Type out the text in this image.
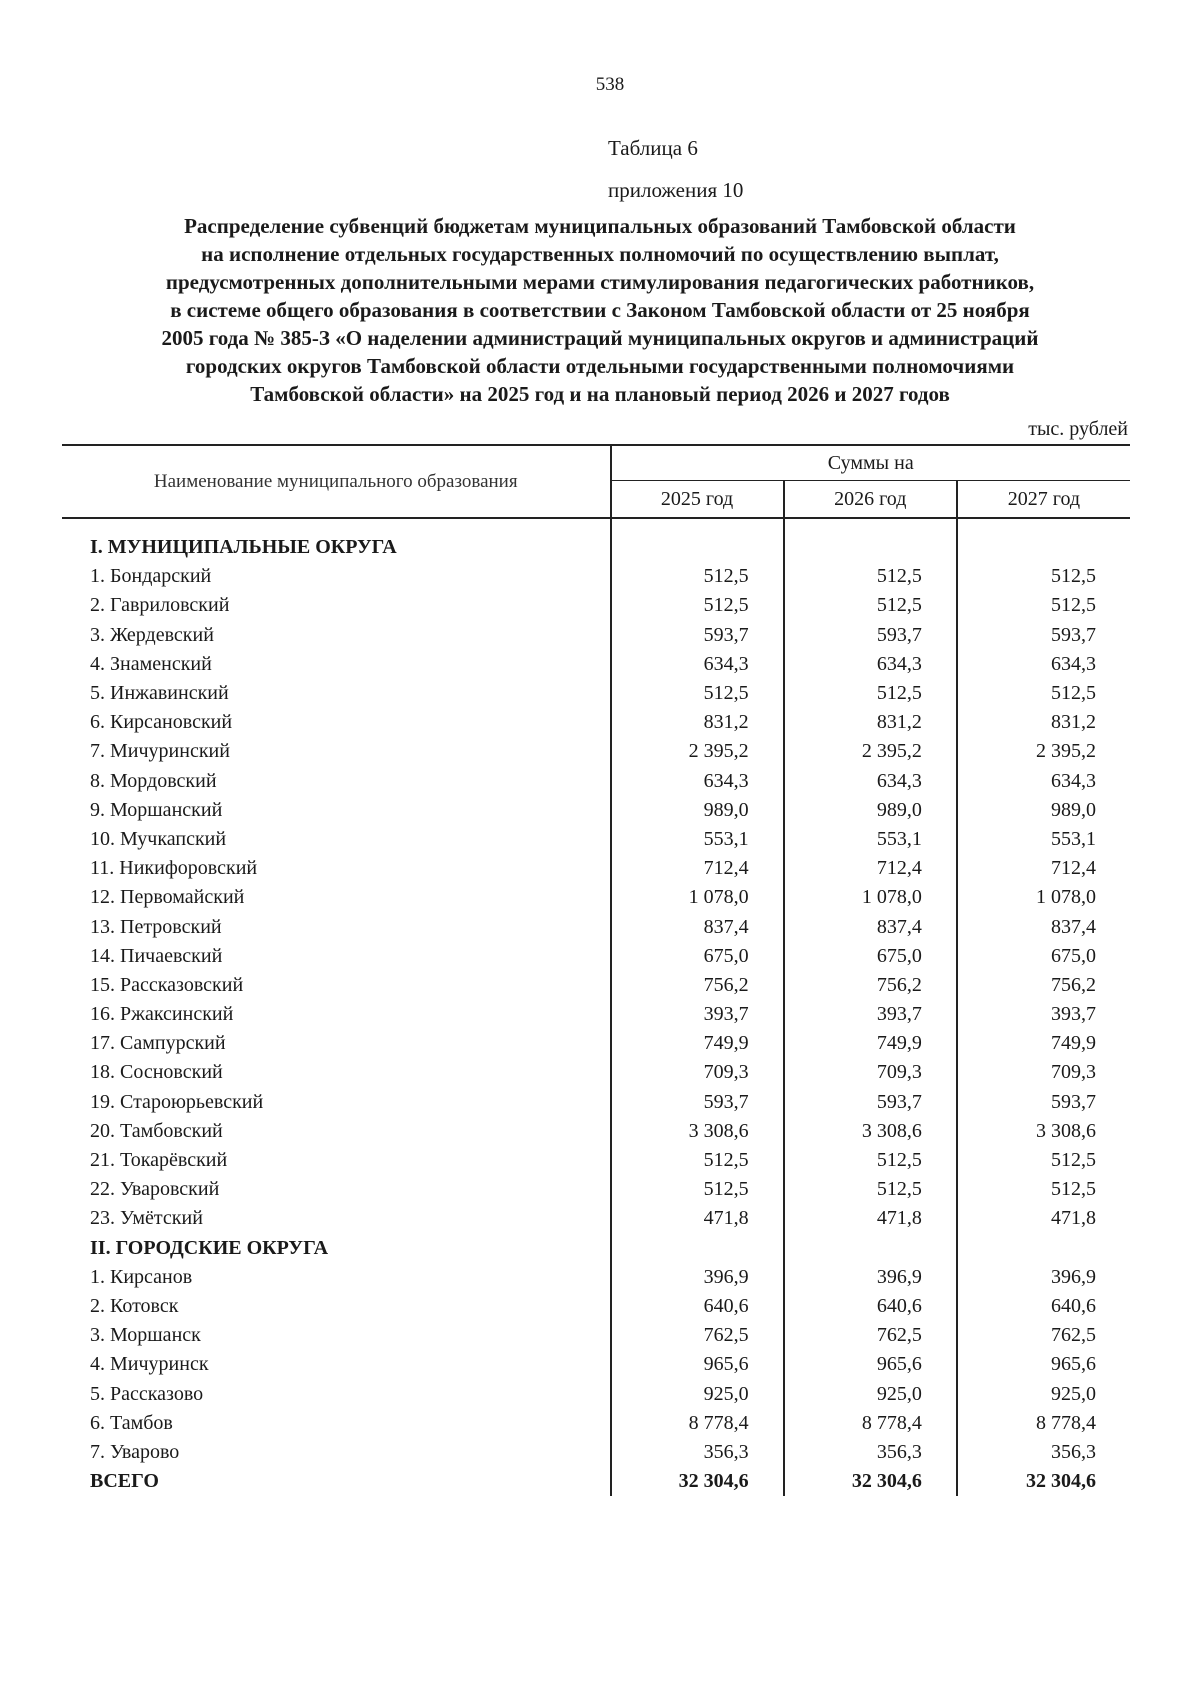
538
Таблица 6
приложения 10
Распределение субвенций бюджетам муниципальных образований Тамбовской области
на исполнение отдельных государственных полномочий по осуществлению выплат,
предусмотренных дополнительными мерами стимулирования педагогических работников,
в системе общего образования в соответствии с Законом Тамбовской области от 25 ноября
2005 года № 385-З «О наделении администраций муниципальных округов и администраций
городских округов Тамбовской области отдельными государственными полномочиями
Тамбовской области» на 2025 год и на плановый период 2026 и 2027 годов
тыс. рублей
Наименование муниципального образования	Суммы на		
	2025 год	2026 год	2027 год
I. МУНИЦИПАЛЬНЫЕ ОКРУГА			
1. Бондарский	512,5	512,5	512,5
2. Гавриловский	512,5	512,5	512,5
3. Жердевский	593,7	593,7	593,7
4. Знаменский	634,3	634,3	634,3
5. Инжавинский	512,5	512,5	512,5
6. Кирсановский	831,2	831,2	831,2
7. Мичуринский	2 395,2	2 395,2	2 395,2
8. Мордовский	634,3	634,3	634,3
9. Моршанский	989,0	989,0	989,0
10. Мучкапский	553,1	553,1	553,1
11. Никифоровский	712,4	712,4	712,4
12. Первомайский	1 078,0	1 078,0	1 078,0
13. Петровский	837,4	837,4	837,4
14. Пичаевский	675,0	675,0	675,0
15. Рассказовский	756,2	756,2	756,2
16. Ржаксинский	393,7	393,7	393,7
17. Сампурский	749,9	749,9	749,9
18. Сосновский	709,3	709,3	709,3
19. Староюрьевский	593,7	593,7	593,7
20. Тамбовский	3 308,6	3 308,6	3 308,6
21. Токарёвский	512,5	512,5	512,5
22. Уваровский	512,5	512,5	512,5
23. Умётский	471,8	471,8	471,8
II. ГОРОДСКИЕ ОКРУГА			
1. Кирсанов	396,9	396,9	396,9
2. Котовск	640,6	640,6	640,6
3. Моршанск	762,5	762,5	762,5
4. Мичуринск	965,6	965,6	965,6
5. Рассказово	925,0	925,0	925,0
6. Тамбов	8 778,4	8 778,4	8 778,4
7. Уварово	356,3	356,3	356,3
ВСЕГО	32 304,6	32 304,6	32 304,6
